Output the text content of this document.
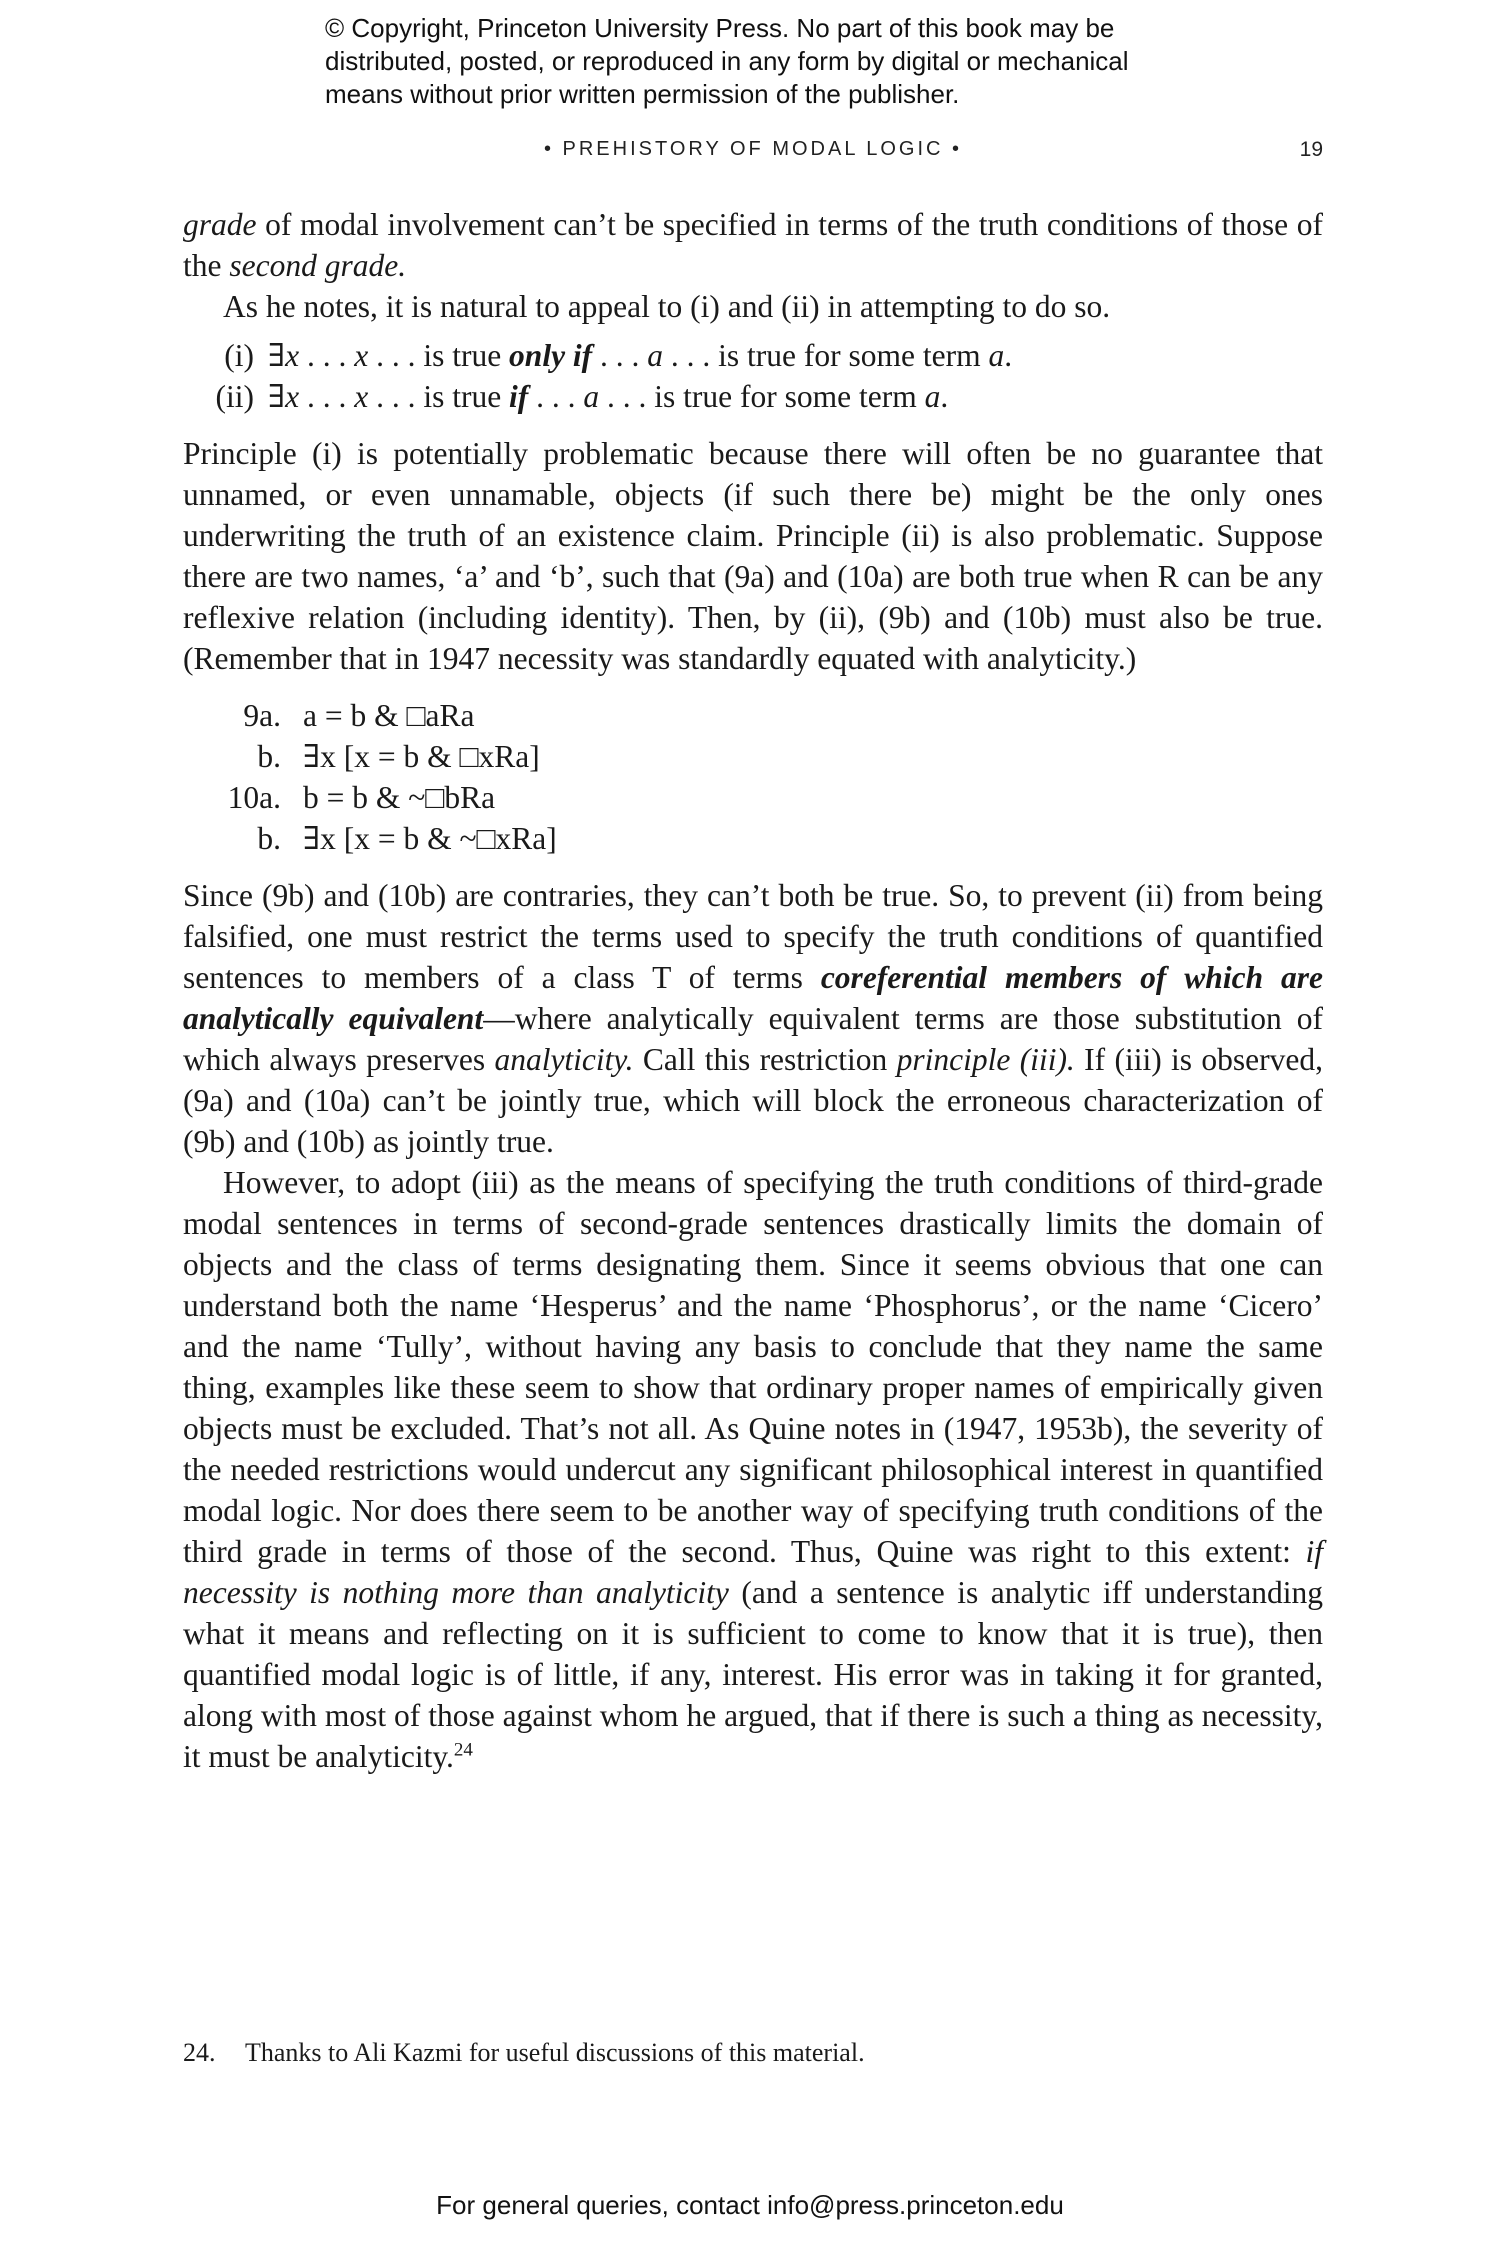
© Copyright, Princeton University Press. No part of this book may be
distributed, posted, or reproduced in any form by digital or mechanical
means without prior written permission of the publisher.
• PREHISTORY OF MODAL LOGIC •	19

grade of modal involvement can’t be specified in terms of the truth conditions of those of the second grade.

As he notes, it is natural to appeal to (i) and (ii) in attempting to do so.

(i) ∃x . . . x . . . is true only if . . . a . . . is true for some term a.
(ii) ∃x . . . x . . . is true if . . . a . . . is true for some term a.

Principle (i) is potentially problematic because there will often be no guarantee that unnamed, or even unnamable, objects (if such there be) might be the only ones underwriting the truth of an existence claim. Principle (ii) is also problematic. Suppose there are two names, ‘a’ and ‘b’, such that (9a) and (10a) are both true when R can be any reflexive relation (including identity). Then, by (ii), (9b) and (10b) must also be true. (Remember that in 1947 necessity was standardly equated with analyticity.)

9a. a = b & □aRa
b. ∃x [x = b & □xRa]
10a. b = b & ~□bRa
b. ∃x [x = b & ~□xRa]

Since (9b) and (10b) are contraries, they can’t both be true. So, to prevent (ii) from being falsified, one must restrict the terms used to specify the truth conditions of quantified sentences to members of a class T of terms coreferential members of which are analytically equivalent—where analytically equivalent terms are those substitution of which always preserves analyticity. Call this restriction principle (iii). If (iii) is observed, (9a) and (10a) can’t be jointly true, which will block the erroneous characterization of (9b) and (10b) as jointly true.

However, to adopt (iii) as the means of specifying the truth conditions of third-grade modal sentences in terms of second-grade sentences drastically limits the domain of objects and the class of terms designating them. Since it seems obvious that one can understand both the name ‘Hesperus’ and the name ‘Phosphorus’, or the name ‘Cicero’ and the name ‘Tully’, without having any basis to conclude that they name the same thing, examples like these seem to show that ordinary proper names of empirically given objects must be excluded. That’s not all. As Quine notes in (1947, 1953b), the severity of the needed restrictions would undercut any significant philosophical interest in quantified modal logic. Nor does there seem to be another way of specifying truth conditions of the third grade in terms of those of the second. Thus, Quine was right to this extent: if necessity is nothing more than analyticity (and a sentence is analytic iff understanding what it means and reflecting on it is sufficient to come to know that it is true), then quantified modal logic is of little, if any, interest. His error was in taking it for granted, along with most of those against whom he argued, that if there is such a thing as necessity, it must be analyticity.$^{24}$

24. Thanks to Ali Kazmi for useful discussions of this material.
For general queries, contact info@press.princeton.edu
